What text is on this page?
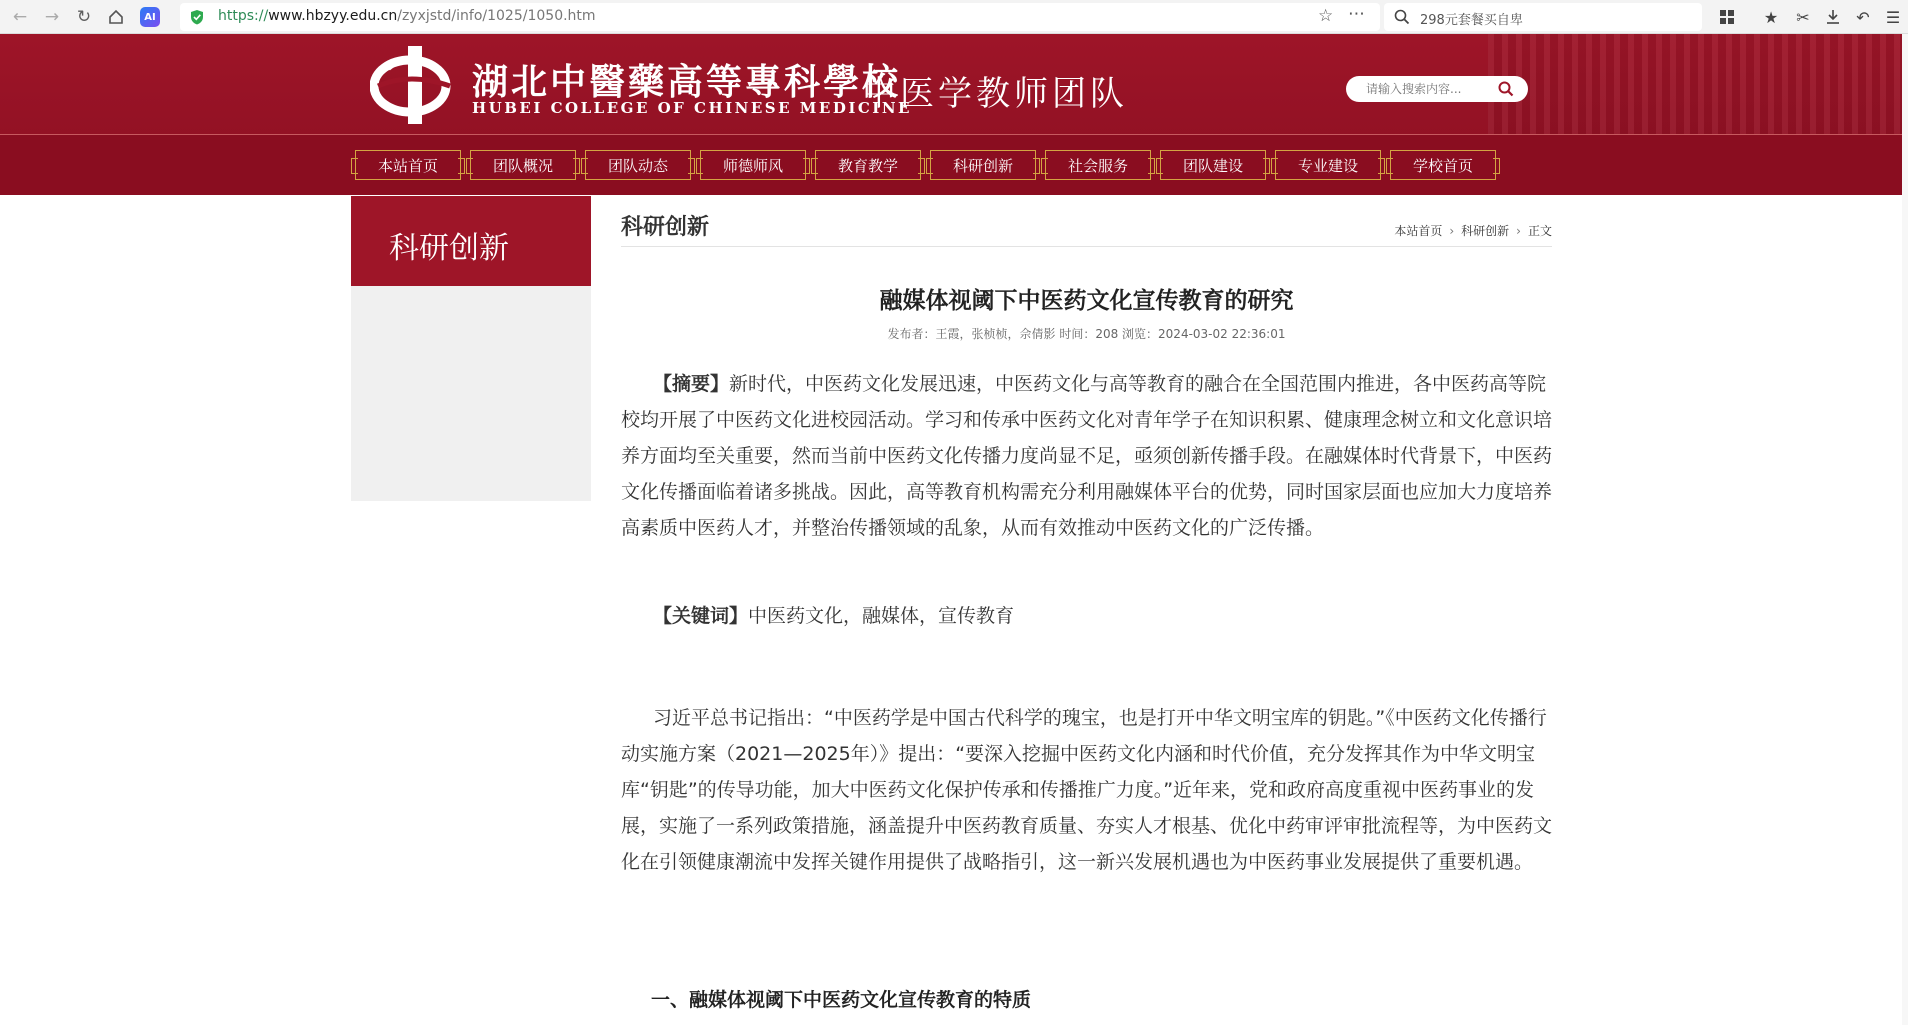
← → ↻	AI	https://www.hbzyy.edu.cn/zyxjstd/info/1025/1050.htm	☆ ⋯	298元套餐买自卑	★ ✂	↶ ☰
湖北中醫藥高等專科學校
HUBEI COLLEGE OF CHINESE MEDICINE
中医学教师团队
请输入搜索内容...
本站首页	团队概况	团队动态	师德师风	教育教学	科研创新	社会服务	团队建设	专业建设	学校首页
科研创新
科研创新	本站首页 › 科研创新 › 正文
融媒体视阈下中医药文化宣传教育的研究
发布者：王霞，张桢桢，佘倩影 时间：208 浏览：2024-03-02 22:36:01

【摘要】新时代，中医药文化发展迅速，中医药文化与高等教育的融合在全国范围内推进，各中医药高等院校均开展了中医药文化进校园活动。学习和传承中医药文化对青年学子在知识积累、健康理念树立和文化意识培养方面均至关重要，然而当前中医药文化传播力度尚显不足，亟须创新传播手段。在融媒体时代背景下，中医药文化传播面临着诸多挑战。因此，高等教育机构需充分利用融媒体平台的优势，同时国家层面也应加大力度培养高素质中医药人才，并整治传播领域的乱象，从而有效推动中医药文化的广泛传播。

【关键词】中医药文化，融媒体，宣传教育

习近平总书记指出：“中医药学是中国古代科学的瑰宝，也是打开中华文明宝库的钥匙。”《中医药文化传播行动实施方案（2021—2025年）》提出：“要深入挖掘中医药文化内涵和时代价值，充分发挥其作为中华文明宝库“钥匙”的传导功能，加大中医药文化保护传承和传播推广力度。”近年来，党和政府高度重视中医药事业的发展，实施了一系列政策措施，涵盖提升中医药教育质量、夯实人才根基、优化中药审评审批流程等，为中医药文化在引领健康潮流中发挥关键作用提供了战略指引，这一新兴发展机遇也为中医药事业发展提供了重要机遇。

一、融媒体视阈下中医药文化宣传教育的特质
